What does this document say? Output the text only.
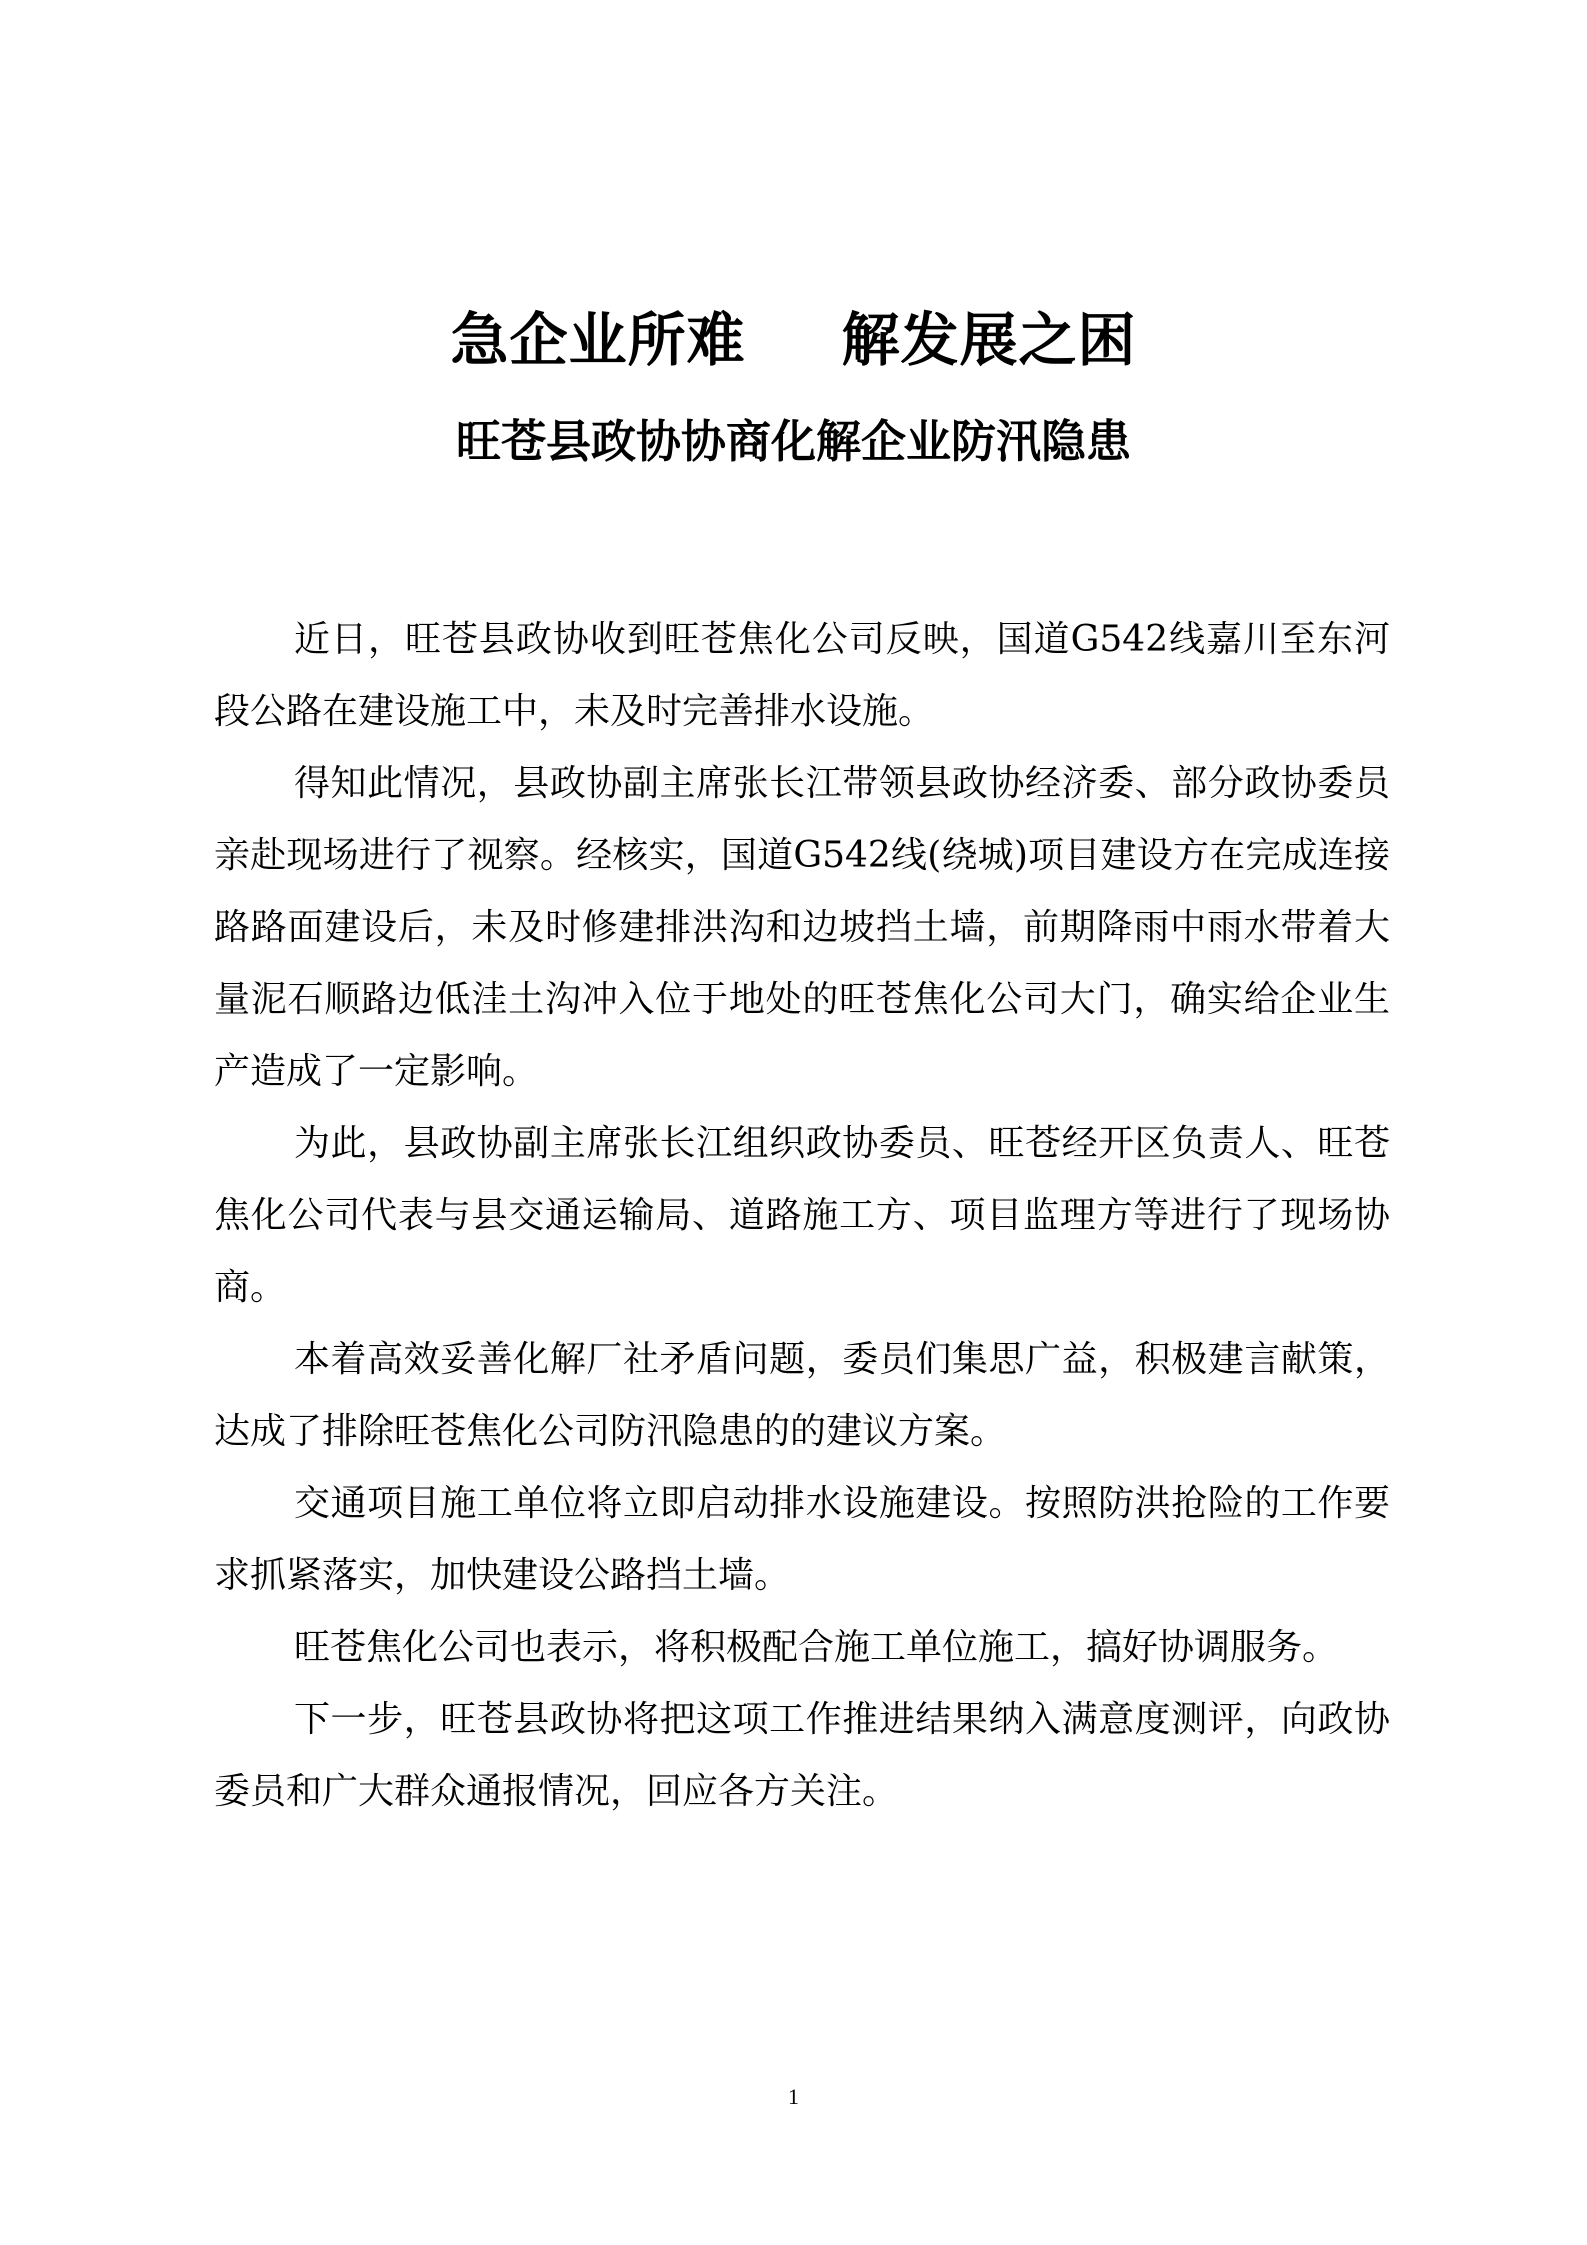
急企业所难 解发展之困
旺苍县政协协商化解企业防汛隐患

近日，旺苍县政协收到旺苍焦化公司反映，国道G542线嘉川至东河段公路在建设施工中，未及时完善排水设施。

得知此情况，县政协副主席张长江带领县政协经济委、部分政协委员亲赴现场进行了视察。经核实，国道G542线(绕城)项目建设方在完成连接路路面建设后，未及时修建排洪沟和边坡挡土墙，前期降雨中雨水带着大量泥石顺路边低洼土沟冲入位于地处的旺苍焦化公司大门，确实给企业生产造成了一定影响。

为此，县政协副主席张长江组织政协委员、旺苍经开区负责人、旺苍焦化公司代表与县交通运输局、道路施工方、项目监理方等进行了现场协商。

本着高效妥善化解厂社矛盾问题，委员们集思广益，积极建言献策，达成了排除旺苍焦化公司防汛隐患的的建议方案。

交通项目施工单位将立即启动排水设施建设。按照防洪抢险的工作要求抓紧落实，加快建设公路挡土墙。

旺苍焦化公司也表示，将积极配合施工单位施工，搞好协调服务。

下一步，旺苍县政协将把这项工作推进结果纳入满意度测评，向政协委员和广大群众通报情况，回应各方关注。

1
